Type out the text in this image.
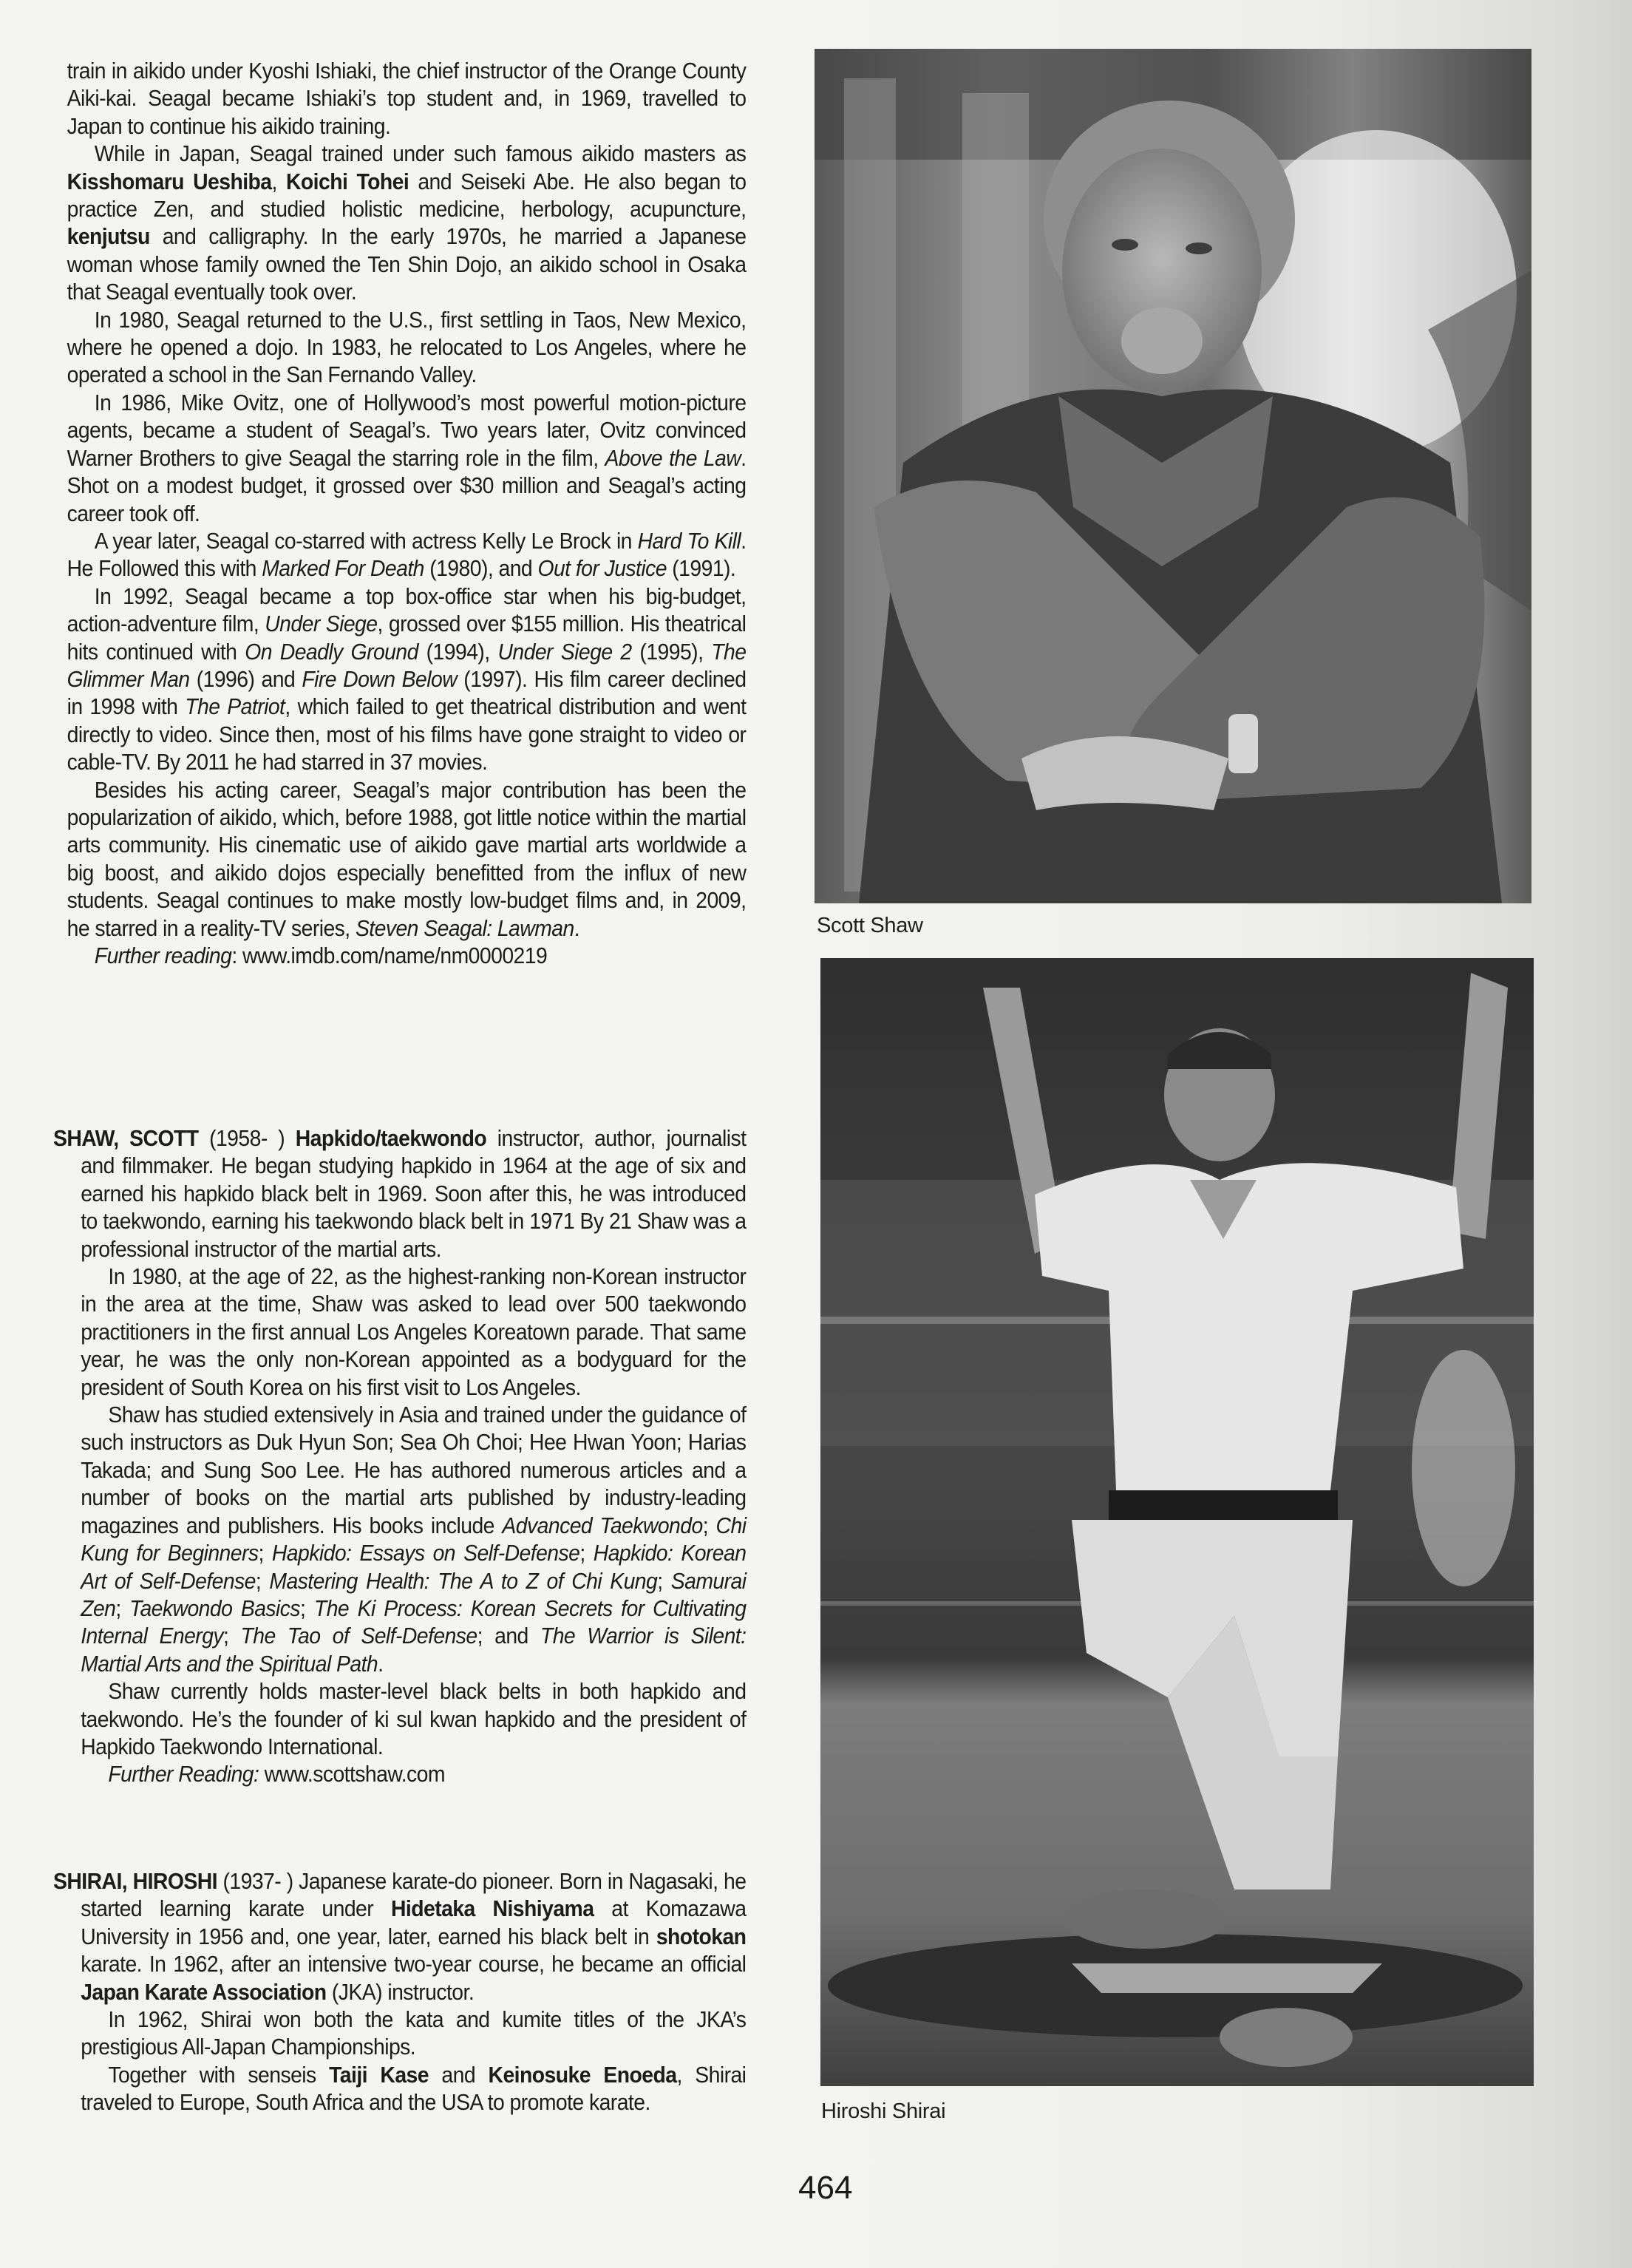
train in aikido under Kyoshi Ishiaki, the chief instructor of the Orange County Aiki-kai. Seagal became Ishiaki’s top student and, in 1969, travelled to Japan to continue his aikido training.

While in Japan, Seagal trained under such famous aikido masters as Kisshomaru Ueshiba, Koichi Tohei and Seiseki Abe. He also began to practice Zen, and studied holistic medicine, herbology, acupuncture, kenjutsu and calligraphy. In the early 1970s, he married a Japanese woman whose family owned the Ten Shin Dojo, an aikido school in Osaka that Seagal eventually took over.

In 1980, Seagal returned to the U.S., first settling in Taos, New Mexico, where he opened a dojo. In 1983, he relocated to Los Angeles, where he operated a school in the San Fernando Valley.

In 1986, Mike Ovitz, one of Hollywood’s most powerful motion-picture agents, became a student of Seagal’s. Two years later, Ovitz convinced Warner Brothers to give Seagal the starring role in the film, Above the Law. Shot on a modest budget, it grossed over $30 million and Seagal’s acting career took off.

A year later, Seagal co-starred with actress Kelly Le Brock in Hard To Kill. He Followed this with Marked For Death (1980), and Out for Justice (1991).

In 1992, Seagal became a top box-office star when his big-budget, action-adventure film, Under Siege, grossed over $155 million. His theatrical hits continued with On Deadly Ground (1994), Under Siege 2 (1995), The Glimmer Man (1996) and Fire Down Below (1997). His film career declined in 1998 with The Patriot, which failed to get theatrical distribution and went directly to video. Since then, most of his films have gone straight to video or cable-TV. By 2011 he had starred in 37 movies.

Besides his acting career, Seagal’s major contribution has been the popularization of aikido, which, before 1988, got little notice within the martial arts community. His cinematic use of aikido gave martial arts worldwide a big boost, and aikido dojos especially benefitted from the influx of new students. Seagal continues to make mostly low-budget films and, in 2009, he starred in a reality-TV series, Steven Seagal: Lawman.

Further reading: www.imdb.com/name/nm0000219

SHAW, SCOTT (1958- ) Hapkido/taekwondo instructor, author, journalist and filmmaker. He began studying hapkido in 1964 at the age of six and earned his hapkido black belt in 1969. Soon after this, he was introduced to taekwondo, earning his taekwondo black belt in 1971 By 21 Shaw was a professional instructor of the martial arts.

In 1980, at the age of 22, as the highest-ranking non-Korean instructor in the area at the time, Shaw was asked to lead over 500 taekwondo practitioners in the first annual Los Angeles Koreatown parade. That same year, he was the only non-Korean appointed as a bodyguard for the president of South Korea on his first visit to Los Angeles.

Shaw has studied extensively in Asia and trained under the guidance of such instructors as Duk Hyun Son; Sea Oh Choi; Hee Hwan Yoon; Harias Takada; and Sung Soo Lee. He has authored numerous articles and a number of books on the martial arts published by industry-leading magazines and publishers. His books include Advanced Taekwondo; Chi Kung for Beginners; Hapkido: Essays on Self-Defense; Hapkido: Korean Art of Self-Defense; Mastering Health: The A to Z of Chi Kung; Samurai Zen; Taekwondo Basics; The Ki Process: Korean Secrets for Cultivating Internal Energy; The Tao of Self-Defense; and The Warrior is Silent: Martial Arts and the Spiritual Path.

Shaw currently holds master-level black belts in both hapkido and taekwondo. He’s the founder of ki sul kwan hapkido and the president of Hapkido Taekwondo International.

Further Reading: www.scottshaw.com

SHIRAI, HIROSHI (1937- ) Japanese karate-do pioneer. Born in Nagasaki, he started learning karate under Hidetaka Nishiyama at Komazawa University in 1956 and, one year, later, earned his black belt in shotokan karate. In 1962, after an intensive two-year course, he became an official Japan Karate Association (JKA) instructor.

In 1962, Shirai won both the kata and kumite titles of the JKA’s prestigious All-Japan Championships.

Together with senseis Taiji Kase and Keinosuke Enoeda, Shirai traveled to Europe, South Africa and the USA to promote karate.

Scott Shaw
Hiroshi Shirai
464
